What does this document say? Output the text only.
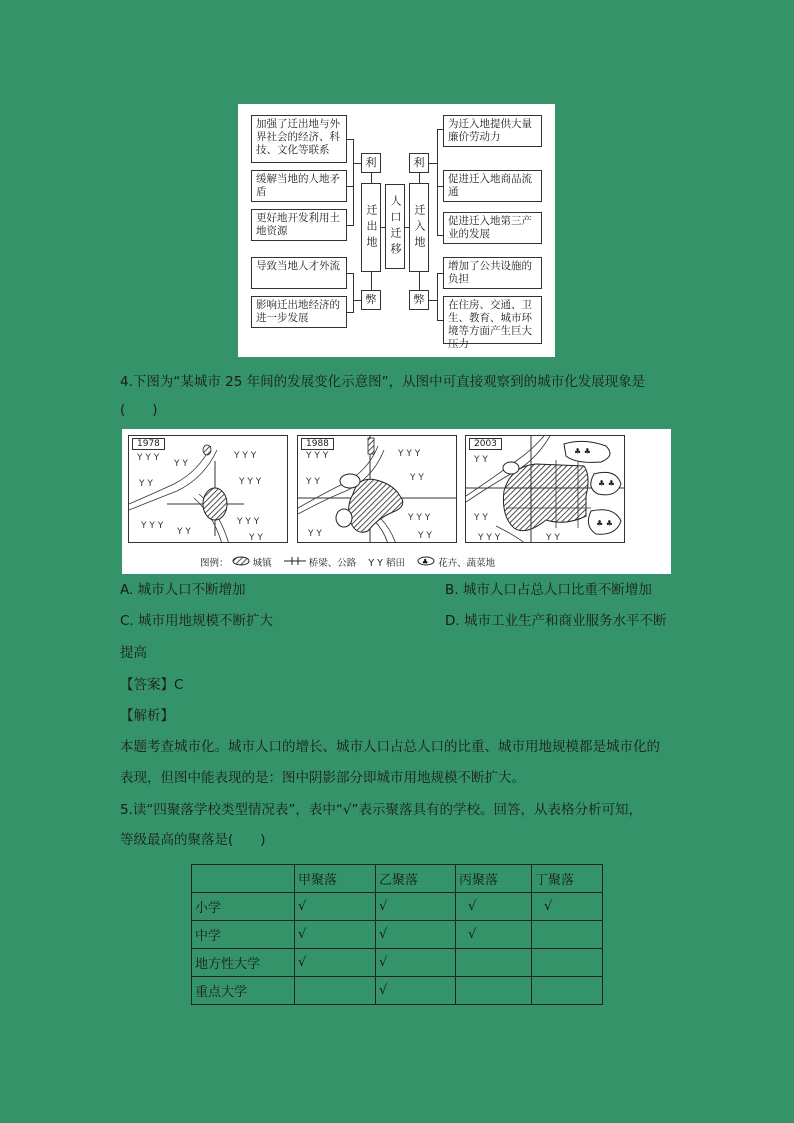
加强了迁出地与外界社会的经济、科技、文化等联系
缓解当地的人地矛盾
更好地开发利用土地资源
导致当地人才外流
影响迁出地经济的进一步发展
利
弊
迁出地	人口迁移
利
弊
迁入地
为迁入地提供大量廉价劳动力
促进迁入地商品流通
促进迁入地第三产业的发展
增加了公共设施的负担
在住房、交通、卫生、教育、城市环境等方面产生巨大压力
4.下图为“某城市 25 年间的发展变化示意图”，从图中可直接观察到的城市化发展现象是
(　　)
Y Y Y
Y Y
Y Y Y
Y Y	Y Y Y
Y Y Y
Y Y
Y Y Y
Y Y
1978
Y Y Y	Y Y Y
Y Y
Y Y
Y Y Y
Y Y	Y Y
1988
♣ ♣
♣ ♣
♣ ♣
Y Y
Y Y
Y Y Y	Y Y
2003
图例：	城镇	桥梁、公路 Y Y 稻田 ♣ 花卉、蔬菜地
A. 城市人口不断增加	B. 城市人口占总人口比重不断增加
C. 城市用地规模不断扩大	D. 城市工业生产和商业服务水平不断
提高
【答案】C
【解析】
本题考查城市化。城市人口的增长、城市人口占总人口的比重、城市用地规模都是城市化的
表现，但图中能表现的是：图中阴影部分即城市用地规模不断扩大。
5.读“四聚落学校类型情况表”，表中“√”表示聚落具有的学校。回答，从表格分析可知，
等级最高的聚落是(　　)
	甲聚落	乙聚落	丙聚落	丁聚落
小学	√	√	√	√
中学	√	√	√	
地方性大学	√	√		
重点大学		√		
